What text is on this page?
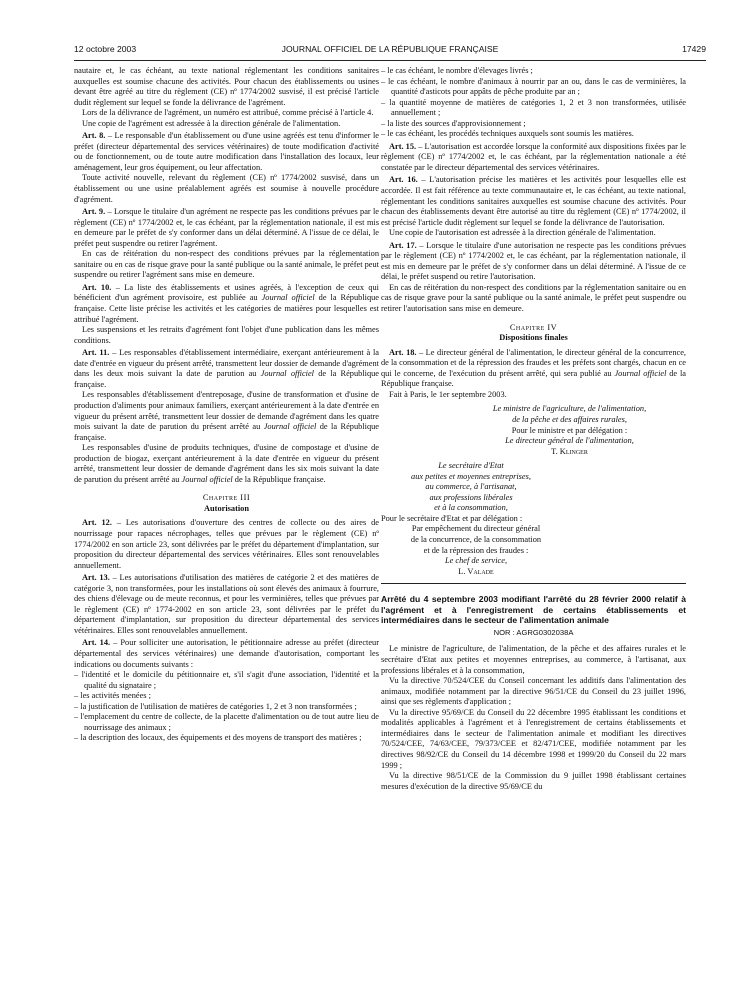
12 octobre 2003	JOURNAL OFFICIEL DE LA RÉPUBLIQUE FRANÇAISE	17429

nautaire et, le cas échéant, au texte national réglementant les conditions sanitaires auxquelles est soumise chacune des activités. Pour chacun des établissements ou usines devant être agréé au titre du règlement (CE) nº 1774/2002 susvisé, il est précisé l'article dudit règlement sur lequel se fonde la délivrance de l'agrément.

Lors de la délivrance de l'agrément, un numéro est attribué, comme précisé à l'article 4.

Une copie de l'agrément est adressée à la direction générale de l'alimentation.

Art. 8. – Le responsable d'un établissement ou d'une usine agréés est tenu d'informer le préfet (directeur départemental des services vétérinaires) de toute modification d'activité ou de fonctionnement, ou de toute autre modification dans l'installation des locaux, leur aménagement, leur gros équipement, ou leur affectation.

Toute activité nouvelle, relevant du règlement (CE) nº 1774/2002 susvisé, dans un établissement ou une usine préalablement agréés est soumise à nouvelle procédure d'agrément.

Art. 9. – Lorsque le titulaire d'un agrément ne respecte pas les conditions prévues par le règlement (CE) nº 1774/2002 et, le cas échéant, par la réglementation nationale, il est mis en demeure par le préfet de s'y conformer dans un délai déterminé. A l'issue de ce délai, le préfet peut suspendre ou retirer l'agrément.

En cas de réitération du non-respect des conditions prévues par la réglementation sanitaire ou en cas de risque grave pour la santé publique ou la santé animale, le préfet peut suspendre ou retirer l'agrément sans mise en demeure.

Art. 10. – La liste des établissements et usines agréés, à l'exception de ceux qui bénéficient d'un agrément provisoire, est publiée au Journal officiel de la République française. Cette liste précise les activités et les catégories de matières pour lesquelles est attribué l'agrément.

Les suspensions et les retraits d'agrément font l'objet d'une publication dans les mêmes conditions.

Art. 11. – Les responsables d'établissement intermédiaire, exerçant antérieurement à la date d'entrée en vigueur du présent arrêté, transmettent leur dossier de demande d'agrément dans les deux mois suivant la date de parution au Journal officiel de la République française.

Les responsables d'établissement d'entreposage, d'usine de transformation et d'usine de production d'aliments pour animaux familiers, exerçant antérieurement à la date d'entrée en vigueur du présent arrêté, transmettent leur dossier de demande d'agrément dans les quatre mois suivant la date de parution du présent arrêté au Journal officiel de la République française.

Les responsables d'usine de produits techniques, d'usine de compostage et d'usine de production de biogaz, exerçant antérieurement à la date d'entrée en vigueur du présent arrêté, transmettent leur dossier de demande d'agrément dans les six mois suivant la date de parution du présent arrêté au Journal officiel de la République française.

Chapitre III

Autorisation

Art. 12. – Les autorisations d'ouverture des centres de collecte ou des aires de nourrissage pour rapaces nécrophages, telles que prévues par le règlement (CE) nº 1774/2002 en son article 23, sont délivrées par le préfet du département d'implantation, sur proposition du directeur départemental des services vétérinaires. Elles sont renouvelables annuellement.

Art. 13. – Les autorisations d'utilisation des matières de catégorie 2 et des matières de catégorie 3, non transformées, pour les installations où sont élevés des animaux à fourrure, des chiens d'élevage ou de meute reconnus, et pour les verminières, telles que prévues par le règlement (CE) nº 1774-2002 en son article 23, sont délivrées par le préfet du département d'implantation, sur proposition du directeur départemental des services vétérinaires. Elles sont renouvelables annuellement.

Art. 14. – Pour solliciter une autorisation, le pétitionnaire adresse au préfet (directeur départemental des services vétérinaires) une demande d'autorisation, comportant les indications ou documents suivants :

– l'identité et le domicile du pétitionnaire et, s'il s'agit d'une association, l'identité et la qualité du signataire ;

– les activités menées ;

– la justification de l'utilisation de matières de catégories 1, 2 et 3 non transformées ;

– l'emplacement du centre de collecte, de la placette d'alimentation ou de tout autre lieu de nourrissage des animaux ;

– la description des locaux, des équipements et des moyens de transport des matières ;

– le cas échéant, le nombre d'élevages livrés ;

– le cas échéant, le nombre d'animaux à nourrir par an ou, dans le cas de verminières, la quantité d'asticots pour appâts de pêche produite par an ;

– la quantité moyenne de matières de catégories 1, 2 et 3 non transformées, utilisée annuellement ;

– la liste des sources d'approvisionnement ;

– le cas échéant, les procédés techniques auxquels sont soumis les matières.

Art. 15. – L'autorisation est accordée lorsque la conformité aux dispositions fixées par le règlement (CE) nº 1774/2002 et, le cas échéant, par la réglementation nationale a été constatée par le directeur départemental des services vétérinaires.

Art. 16. – L'autorisation précise les matières et les activités pour lesquelles elle est accordée. Il est fait référence au texte communautaire et, le cas échéant, au texte national, réglementant les conditions sanitaires auxquelles est soumise chacune des activités. Pour chacun des établissements devant être autorisé au titre du règlement (CE) nº 1774/2002, il est précisé l'article dudit règlement sur lequel se fonde la délivrance de l'autorisation.

Une copie de l'autorisation est adressée à la direction générale de l'alimentation.

Art. 17. – Lorsque le titulaire d'une autorisation ne respecte pas les conditions prévues par le règlement (CE) nº 1774/2002 et, le cas échéant, par la réglementation nationale, il est mis en demeure par le préfet de s'y conformer dans un délai déterminé. A l'issue de ce délai, le préfet suspend ou retire l'autorisation.

En cas de réitération du non-respect des conditions par la réglementation sanitaire ou en cas de risque grave pour la santé publique ou la santé animale, le préfet peut suspendre ou retirer l'autorisation sans mise en demeure.

Chapitre IV

Dispositions finales

Art. 18. – Le directeur général de l'alimentation, le directeur général de la concurrence, de la consommation et de la répression des fraudes et les préfets sont chargés, chacun en ce qui le concerne, de l'exécution du présent arrêté, qui sera publié au Journal officiel de la République française.

Fait à Paris, le 1er septembre 2003.

Le ministre de l'agriculture, de l'alimentation,

de la pêche et des affaires rurales,

Pour le ministre et par délégation :

Le directeur général de l'alimentation,

T. Klinger

Le secrétaire d'Etat

aux petites et moyennes entreprises,

au commerce, à l'artisanat,

aux professions libérales

et à la consommation,

Pour le secrétaire d'Etat et par délégation :

Par empêchement du directeur général

de la concurrence, de la consommation

et de la répression des fraudes :

Le chef de service,

L. Valade

Arrêté du 4 septembre 2003 modifiant l'arrêté du 28 février 2000 relatif à l'agrément et à l'enregistrement de certains établissements et intermédiaires dans le secteur de l'alimentation animale

NOR : AGRG0302038A

Le ministre de l'agriculture, de l'alimentation, de la pêche et des affaires rurales et le secrétaire d'Etat aux petites et moyennes entreprises, au commerce, à l'artisanat, aux professions libérales et à la consommation,

Vu la directive 70/524/CEE du Conseil concernant les additifs dans l'alimentation des animaux, modifiée notamment par la directive 96/51/CE du Conseil du 23 juillet 1996, ainsi que ses règlements d'application ;

Vu la directive 95/69/CE du Conseil du 22 décembre 1995 établissant les conditions et modalités applicables à l'agrément et à l'enregistrement de certains établissements et intermédiaires dans le secteur de l'alimentation animale et modifiant les directives 70/524/CEE, 74/63/CEE, 79/373/CEE et 82/471/CEE, modifiée notamment par les directives 98/92/CE du Conseil du 14 décembre 1998 et 1999/20 du Conseil du 22 mars 1999 ;

Vu la directive 98/51/CE de la Commission du 9 juillet 1998 établissant certaines mesures d'exécution de la directive 95/69/CE du
